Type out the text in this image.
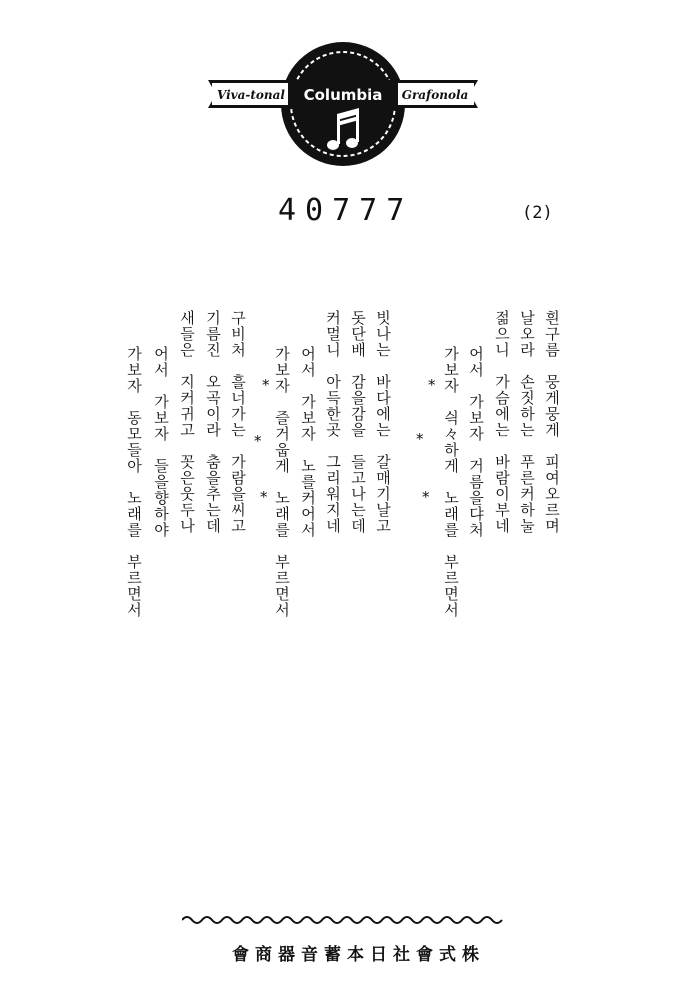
Viva-tonal Columbia Grafonola
40777	(2)
흰구름　뭉게뭉게　피여오르며
날오라　손짓하는　푸른커하눌
젊으니　가슴에는　바람이부네
어서　가보자　거름을댜처
가보자　싁々하게　노래를　부르면서
빗나는　바다에는　갈매기날고
돗단배　감을감을　들고나는데
커멀니　아득한곳　그리워지네
어서　가보자　노를커어서
가보자　즐거웁게　노래를　부르면서
구비처　흘너가는　가람을씨고
기름진　오곡이라　춤을추는데
새들은　지커귀고　꼿은웃두나
어서　가보자　들을향하야
가보자　동모들아　노래를　부르면서
*
*
*
*
*
*
會商器音蓄本日社會式株
